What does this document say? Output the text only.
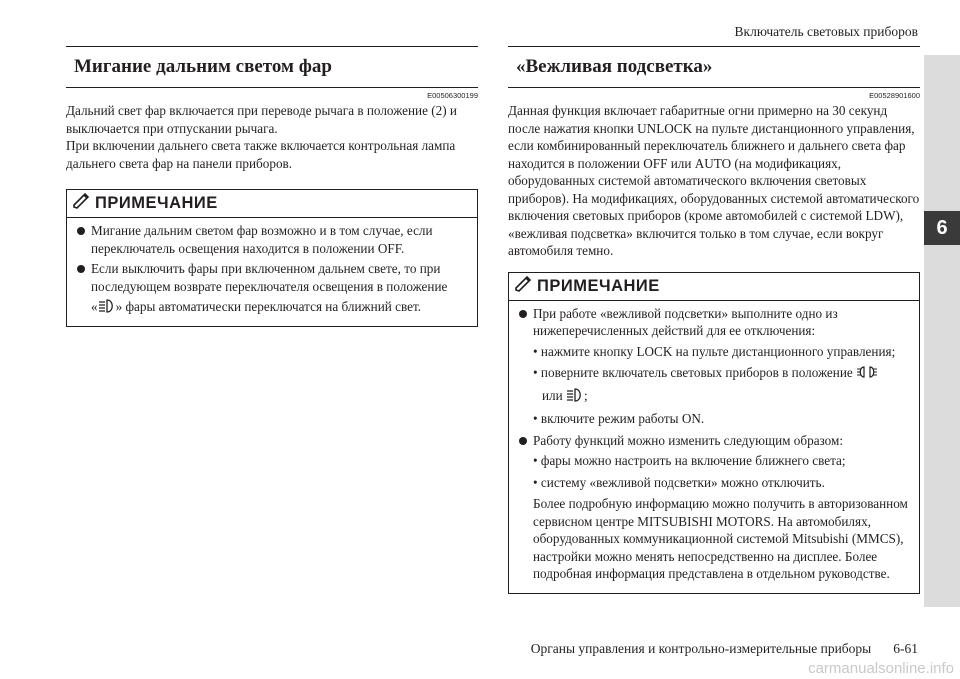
Включатель световых приборов
6
Мигание дальним светом фар
E00506300199

Дальний свет фар включается при переводе рычага в положение (2) и выключается при отпускании рычага.

При включении дальнего света также включается контрольная лампа дальнего света фар на панели приборов.

ПРИМЕЧАНИЕ
Мигание дальним светом фар возможно и в том случае, если переключатель освещения находится в положении OFF.
Если выключить фары при включенном дальнем свете, то при последующем возврате переключателя освещения в положение
« » фары автоматически переключатся на ближний свет.
«Вежливая подсветка»
E00528901600

Данная функция включает габаритные огни примерно на 30 секунд после нажатия кнопки UNLOCK на пульте дистанционного управления, если комбинированный переключатель ближнего и дальнего света фар находится в положении OFF или AUTO (на модификациях, оборудованных системой автоматического включения световых приборов). На модификациях, оборудованных системой автоматического включения световых приборов (кроме автомобилей с системой LDW), «вежливая подсветка» включится только в том случае, если вокруг автомобиля темно.

ПРИМЕЧАНИЕ
При работе «вежливой подсветки» выполните одно из нижеперечисленных действий для ее отключения:
• нажмите кнопку LOCK на пульте дистанционного управления;
• поверните включатель световых приборов в положение
или ;
• включите режим работы ON.
Работу функций можно изменить следующим образом:
• фары можно настроить на включение ближнего света;
• систему «вежливой подсветки» можно отключить.
Более подробную информацию можно получить в авторизованном сервисном центре MITSUBISHI MOTORS. На автомобилях, оборудованных коммуникационной системой Mitsubishi (MMCS), настройки можно менять непосредственно на дисплее. Более подробная информация представлена в отдельном руководстве.
Органы управления и контрольно-измерительные приборы 6-61
carmanualsonline.info
